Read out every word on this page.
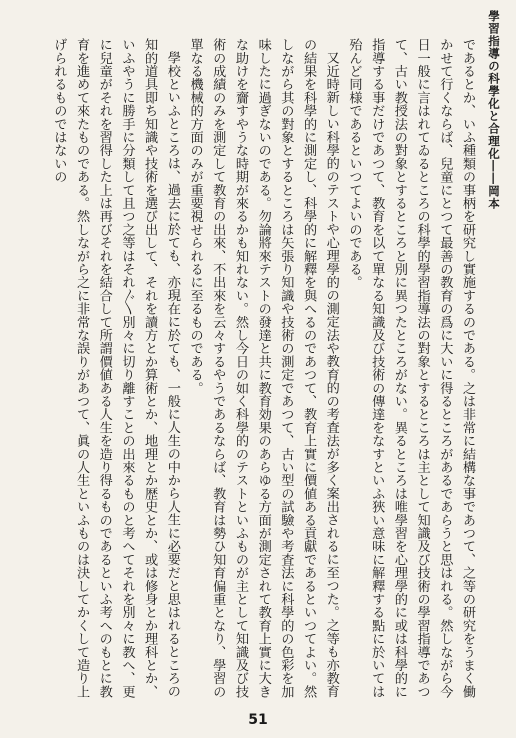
學習指導の科學化と合理化――岡本

であるとか、いふ種類の事柄を研究し實施するのである。之は非常に結構な事であつて、之等の研究をうまく働かせて行くならば、兒童にとつて最善の教育の爲に大いに得るところがあるであらうと思はれる。然しながら今日一般に言はれてゐるところの科學的學習指導法の對象とするところは主として知識及び技術の學習指導であつて、古い教授法の對象とするところと別に異つたところがない。異るところは唯學習を心理學的に或は科學的に指導する事だけであつて、教育を以て單なる知識及び技術の傳達をなすといふ狹い意味に解釋する點に於いては殆んど同様であるといつてよいのである。

又近時新しい科學的のテストや心理學的の測定法や教育的の考査法が多く案出されるに至つた。之等も亦教育の結果を科學的に測定し、科學的に解釋を與へるのであつて、教育上實に價値ある貢獻であるといつてよい。然しながら其の對象とするところは矢張り知識や技術の測定であつて、古い型の試驗や考査法に科學的の色彩を加味したに過ぎないのである。勿論將來テストの發達と共に教育効果のあらゆる方面が測定されて教育上實に大きな助けを齎すやうな時期が來るかも知れない。然し今日の如く科學的のテストといふものが主として知識及び技術の成績のみを測定して教育の出來、不出來を云々するやうであるならば、教育は勢ひ知育偏重となり、學習の單なる機械的方面のみが重要視せられるに至るものである。

學校といふところは、過去に於ても、亦現在に於ても、一般に人生の中から人生に必要だと思はれるところの知的道具即ち知識や技術を選び出して、それを讀方とか算術とか、地理とか歴史とか、或は修身とか理科とか、いふやうに勝手に分類して且つ之等はそれ〴〵別々に切り離すことの出來るものと考へてそれを別々に教へ、更に兒童がそれを習得した上は再びそれを結合して所謂價値ある人生を造り得るものであるといふ考へのもとに教育を進めて來たものである。然しながら之に非常な誤りがあつて、眞の人生といふものは決してかくして造り上げられるものではないの

51
